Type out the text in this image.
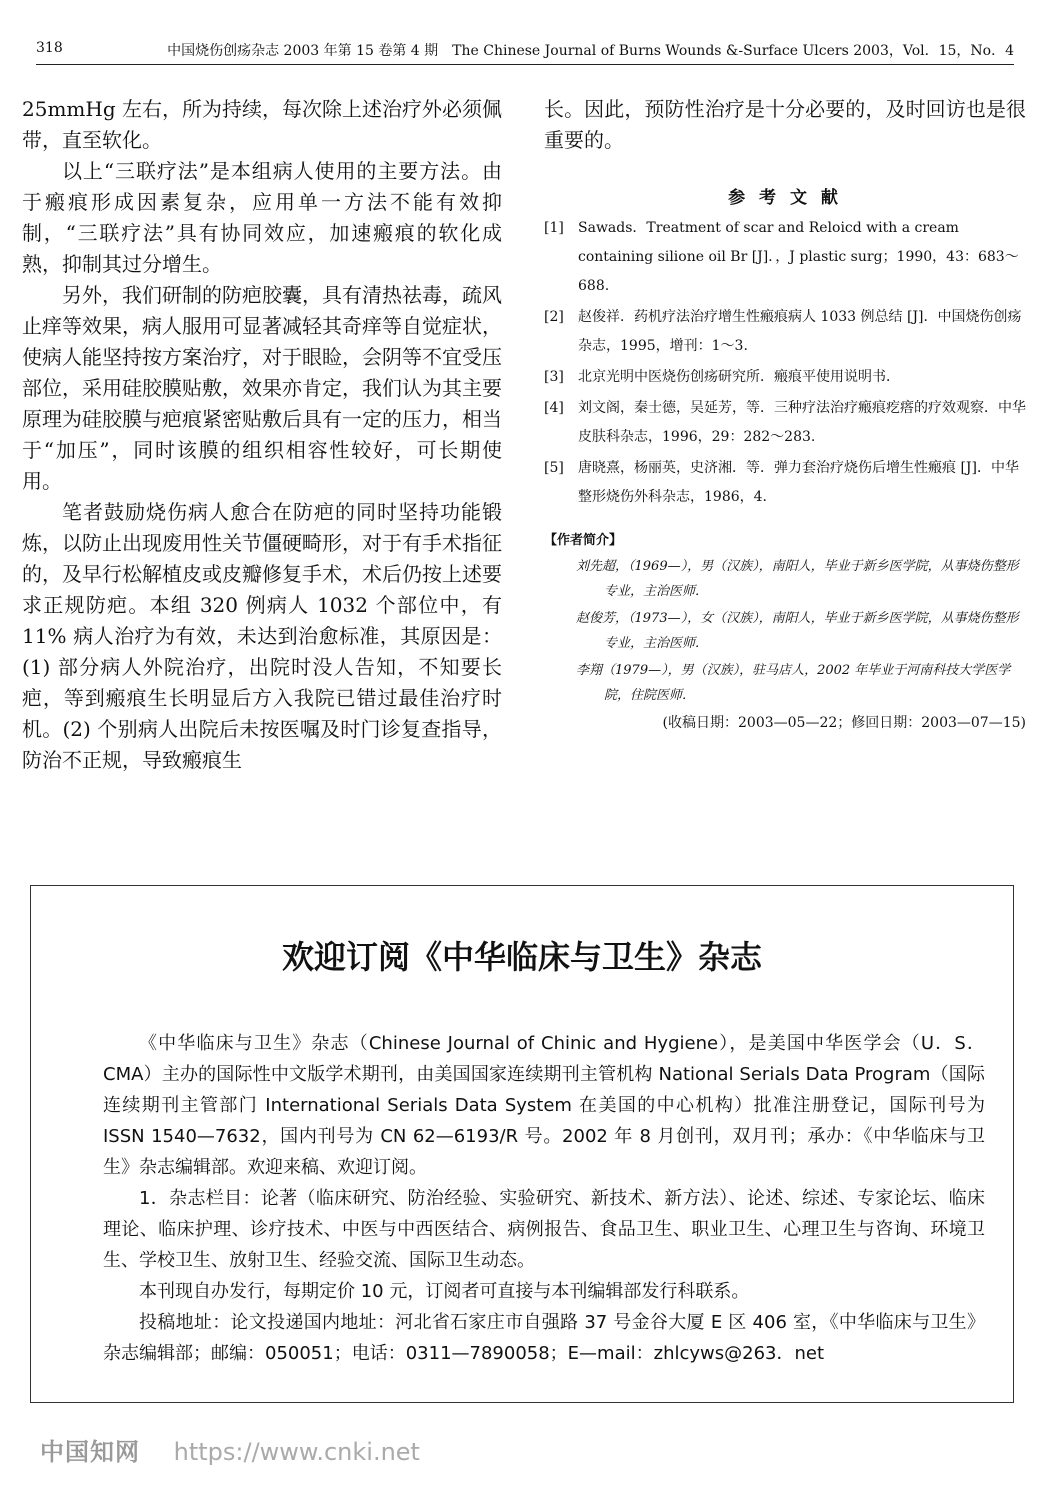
318	中国烧伤创疡杂志 2003 年第 15 卷第 4 期　The Chinese Journal of Burns Wounds &-Surface Ulcers 2003，Vol．15，No．4

25mmHg 左右，所为持续，每次除上述治疗外必须佩带，直至软化。

以上“三联疗法”是本组病人使用的主要方法。由于瘢痕形成因素复杂，应用单一方法不能有效抑制，“三联疗法”具有协同效应，加速瘢痕的软化成熟，抑制其过分增生。

另外，我们研制的防疤胶囊，具有清热祛毒，疏风止痒等效果，病人服用可显著减轻其奇痒等自觉症状，使病人能坚持按方案治疗，对于眼睑，会阴等不宜受压部位，采用硅胶膜贴敷，效果亦肯定，我们认为其主要原理为硅胶膜与疤痕紧密贴敷后具有一定的压力，相当于“加压”，同时该膜的组织相容性较好，可长期使用。

笔者鼓励烧伤病人愈合在防疤的同时坚持功能锻炼，以防止出现废用性关节僵硬畸形，对于有手术指征的，及早行松解植皮或皮瓣修复手术，术后仍按上述要求正规防疤。本组 320 例病人 1032 个部位中，有 11% 病人治疗为有效，未达到治愈标准，其原因是：(1) 部分病人外院治疗，出院时没人告知，不知要长疤，等到瘢痕生长明显后方入我院已错过最佳治疗时机。(2) 个别病人出院后未按医嘱及时门诊复查指导，防治不正规，导致瘢痕生

长。因此，预防性治疗是十分必要的，及时回访也是很重要的。

参 考 文 献
[1]	Sawads．Treatment of scar and Reloicd with a cream containing silione oil Br [J]．，J plastic surg；1990，43：683～688.
[2]	赵俊祥．药机疗法治疗增生性瘢痕病人 1033 例总结 [J]．中国烧伤创疡杂志，1995，增刊：1～3.
[3]	北京光明中医烧伤创疡研究所．瘢痕平使用说明书．
[4]	刘文阁，秦士德，吴延芳，等．三种疗法治疗瘢痕疙瘩的疗效观察．中华皮肤科杂志，1996，29：282～283.
[5]	唐晓熹，杨丽英，史济湘．等．弹力套治疗烧伤后增生性瘢痕 [J]．中华整形烧伤外科杂志，1986，4.
【作者简介】
刘先超，（1969—），男（汉族），南阳人，毕业于新乡医学院，从事烧伤整形专业，主治医师．
赵俊芳，（1973—），女（汉族），南阳人，毕业于新乡医学院，从事烧伤整形专业，主治医师．
李翔（1979—），男（汉族），驻马店人，2002 年毕业于河南科技大学医学院，住院医师．
(收稿日期：2003—05—22；修回日期：2003—07—15)
欢迎订阅《中华临床与卫生》杂志

《中华临床与卫生》杂志（Chinese Journal of Chinic and Hygiene），是美国中华医学会（U．S．CMA）主办的国际性中文版学术期刊，由美国国家连续期刊主管机构 National Serials Data Program（国际连续期刊主管部门 International Serials Data System 在美国的中心机构）批准注册登记，国际刊号为 ISSN 1540—7632，国内刊号为 CN 62—6193/R 号。2002 年 8 月创刊，双月刊；承办：《中华临床与卫生》杂志编辑部。欢迎来稿、欢迎订阅。

1．杂志栏目：论著（临床研究、防治经验、实验研究、新技术、新方法）、论述、综述、专家论坛、临床理论、临床护理、诊疗技术、中医与中西医结合、病例报告、食品卫生、职业卫生、心理卫生与咨询、环境卫生、学校卫生、放射卫生、经验交流、国际卫生动态。

本刊现自办发行，每期定价 10 元，订阅者可直接与本刊编辑部发行科联系。

投稿地址：论文投递国内地址：河北省石家庄市自强路 37 号金谷大厦 E 区 406 室，《中华临床与卫生》杂志编辑部；邮编：050051；电话：0311—7890058；E—mail：zhlcyws@263．net

中国知网 https://www.cnki.net
